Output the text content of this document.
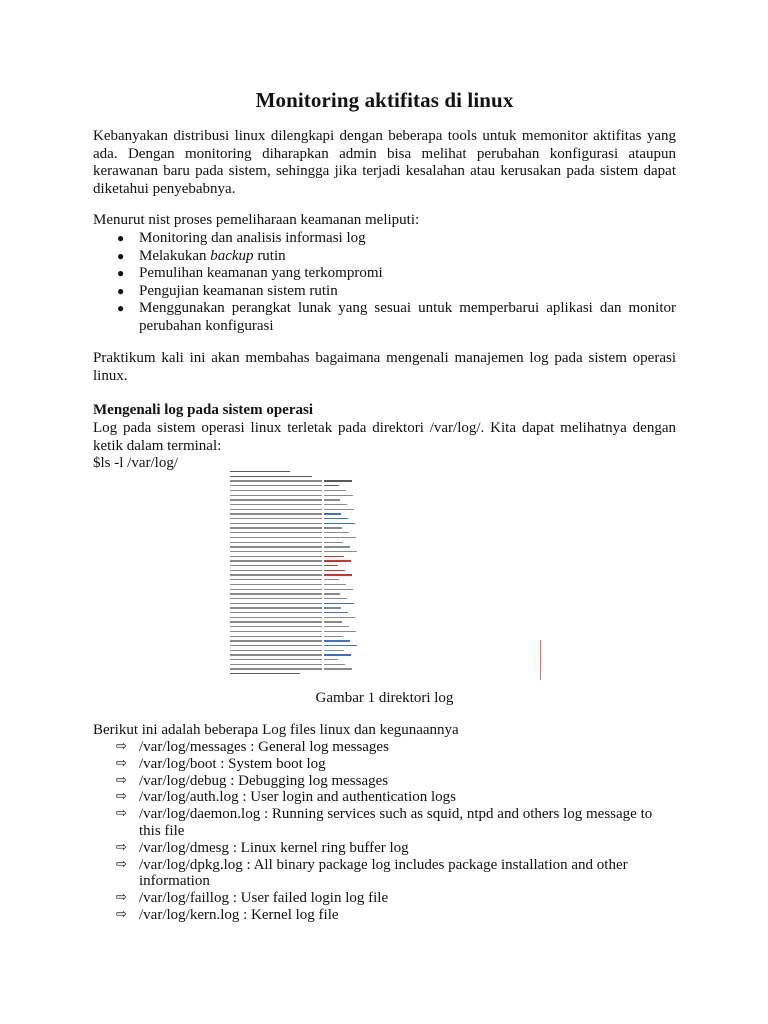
Monitoring aktifitas di linux

Kebanyakan distribusi linux dilengkapi dengan beberapa tools untuk memonitor aktifitas yang ada. Dengan monitoring diharapkan admin bisa melihat perubahan konfigurasi ataupun kerawanan baru pada sistem, sehingga jika terjadi kesalahan atau kerusakan pada sistem dapat diketahui penyebabnya.

Menurut nist proses pemeliharaan keamanan meliputi:

● Monitoring dan analisis informasi log
● Melakukan backup rutin
● Pemulihan keamanan yang terkompromi
● Pengujian keamanan sistem rutin
● Menggunakan perangkat lunak yang sesuai untuk memperbarui aplikasi dan monitor perubahan konfigurasi

Praktikum kali ini akan membahas bagaimana mengenali manajemen log pada sistem operasi linux.

Mengenali log pada sistem operasi

Log pada sistem operasi linux terletak pada direktori /var/log/. Kita dapat melihatnya dengan ketik dalam terminal:

$ls -l /var/log/

Gambar 1 direktori log

Berikut ini adalah beberapa Log files linux dan kegunaannya

⇨ /var/log/messages : General log messages
⇨ /var/log/boot : System boot log
⇨ /var/log/debug : Debugging log messages
⇨ /var/log/auth.log : User login and authentication logs
⇨ /var/log/daemon.log : Running services such as squid, ntpd and others log message to this file
⇨ /var/log/dmesg : Linux kernel ring buffer log
⇨ /var/log/dpkg.log : All binary package log includes package installation and other information
⇨ /var/log/faillog : User failed login log file
⇨ /var/log/kern.log : Kernel log file
